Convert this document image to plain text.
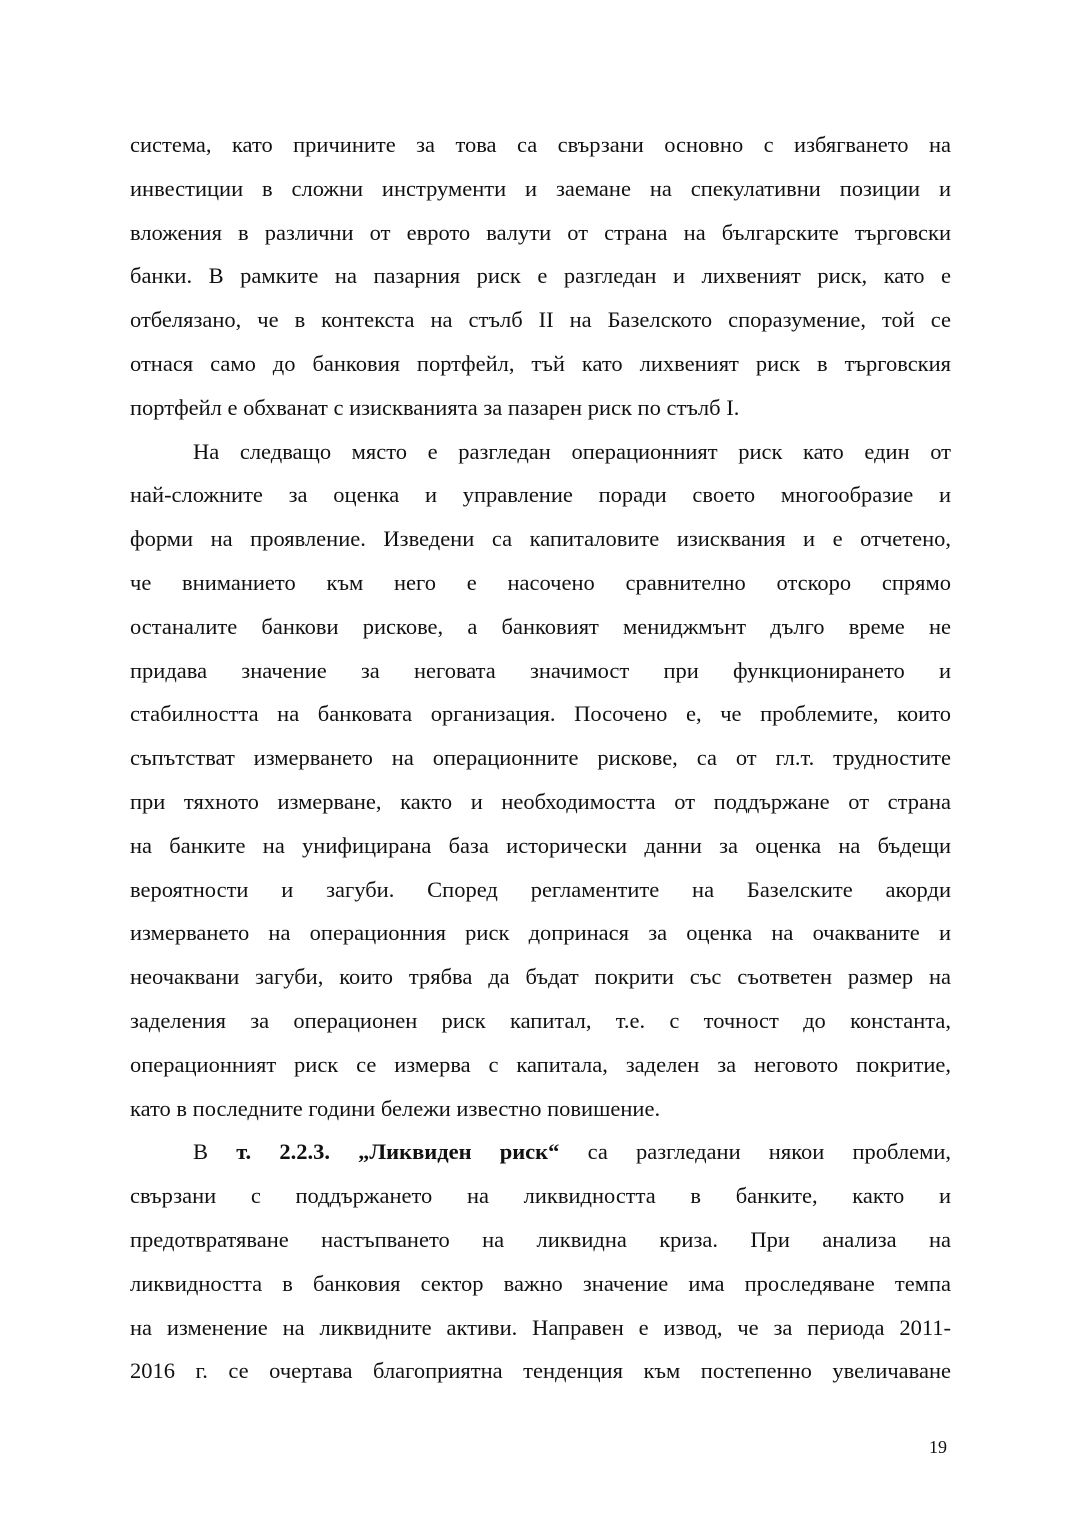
система, като причините за това са свързани основно с избягването на
инвестиции в сложни инструменти и заемане на спекулативни позиции и
вложения в различни от еврото валути от страна на българските търговски
банки. В рамките на пазарния риск е разгледан и лихвеният риск, като е
отбелязано, че в контекста на стълб II на Базелското споразумение, той се
отнася само до банковия портфейл, тъй като лихвеният риск в търговския
портфейл е обхванат с изискванията за пазарен риск по стълб I.
На следващо място е разгледан операционният риск като един от
най-сложните за оценка и управление поради своето многообразие и
форми на проявление. Изведени са капиталовите изисквания и е отчетено,
че вниманието към него е насочено сравнително отскоро спрямо
останалите банкови рискове, а банковият мениджмънт дълго време не
придава значение за неговата значимост при функционирането и
стабилността на банковата организация. Посочено е, че проблемите, които
съпътстват измерването на операционните рискове, са от гл.т. трудностите
при тяхното измерване, както и необходимостта от поддържане от страна
на банките на унифицирана база исторически данни за оценка на бъдещи
вероятности и загуби. Според регламентите на Базелските акорди
измерването на операционния риск допринася за оценка на очакваните и
неочаквани загуби, които трябва да бъдат покрити със съответен размер на
заделения за операционен риск капитал, т.е. с точност до константа,
операционният риск се измерва с капитала, заделен за неговото покритие,
като в последните години бележи известно повишение.
В т. 2.2.3. „Ликвиден риск“ са разгледани някои проблеми,
свързани с поддържането на ликвидността в банките, както и
предотвратяване настъпването на ликвидна криза. При анализа на
ликвидността в банковия сектор важно значение има проследяване темпа
на изменение на ликвидните активи. Направен е извод, че за периода 2011-
2016 г. се очертава благоприятна тенденция към постепенно увеличаване
19
